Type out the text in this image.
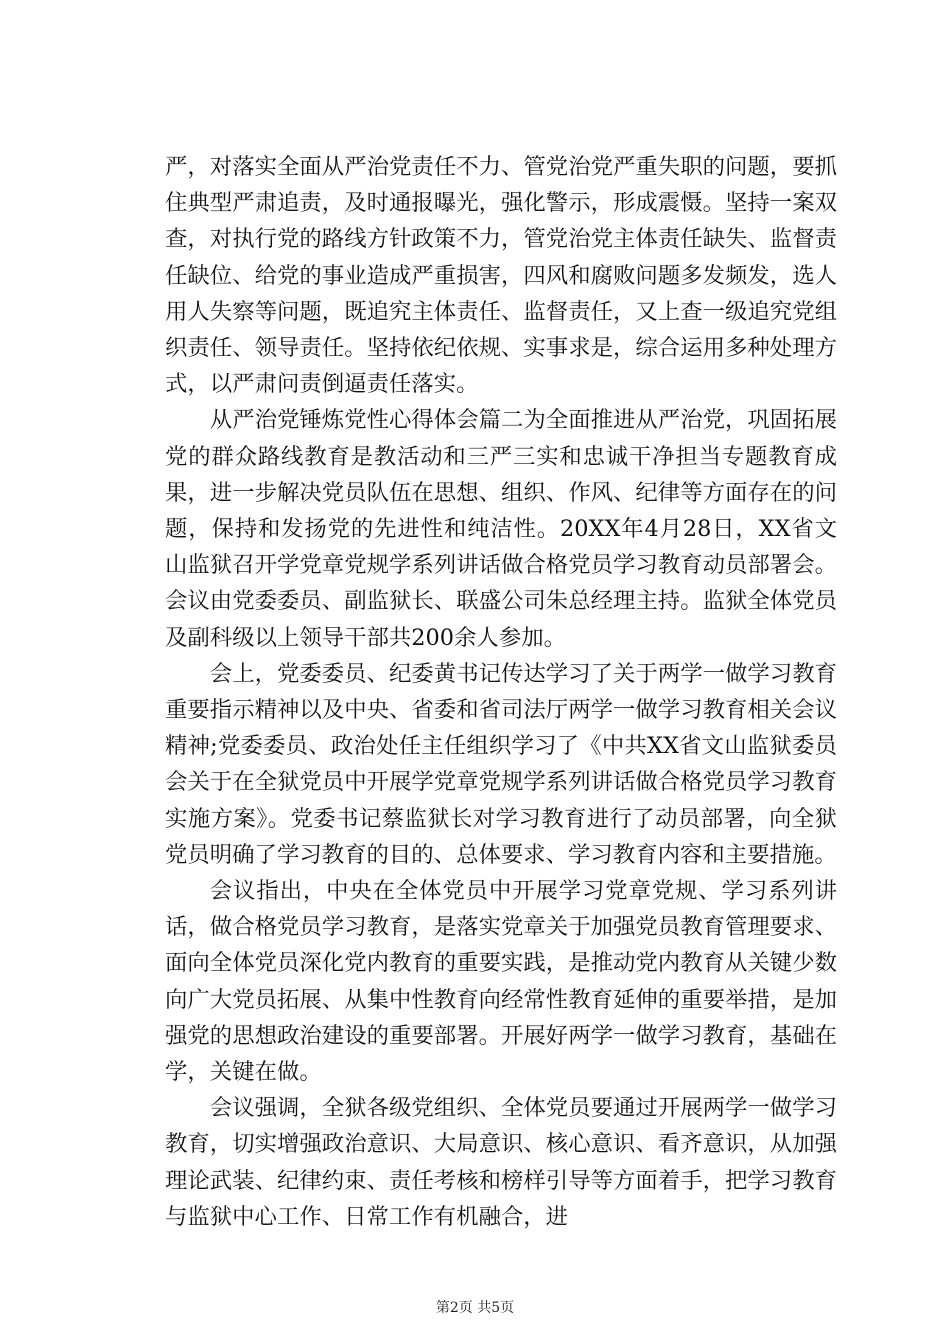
严，对落实全面从严治党责任不力、管党治党严重失职的问题，要抓住典型严肃追责，及时通报曝光，强化警示，形成震慑。坚持一案双查，对执行党的路线方针政策不力，管党治党主体责任缺失、监督责任缺位、给党的事业造成严重损害，四风和腐败问题多发频发，选人用人失察等问题，既追究主体责任、监督责任，又上查一级追究党组织责任、领导责任。坚持依纪依规、实事求是，综合运用多种处理方式，以严肃问责倒逼责任落实。

从严治党锤炼党性心得体会篇二为全面推进从严治党，巩固拓展党的群众路线教育是教活动和三严三实和忠诚干净担当专题教育成果，进一步解决党员队伍在思想、组织、作风、纪律等方面存在的问题，保持和发扬党的先进性和纯洁性。20XX年4月28日，XX省文山监狱召开学党章党规学系列讲话做合格党员学习教育动员部署会。会议由党委委员、副监狱长、联盛公司朱总经理主持。监狱全体党员及副科级以上领导干部共200余人参加。

会上，党委委员、纪委黄书记传达学习了关于两学一做学习教育重要指示精神以及中央、省委和省司法厅两学一做学习教育相关会议精神;党委委员、政治处任主任组织学习了《中共XX省文山监狱委员会关于在全狱党员中开展学党章党规学系列讲话做合格党员学习教育实施方案》。党委书记蔡监狱长对学习教育进行了动员部署，向全狱党员明确了学习教育的目的、总体要求、学习教育内容和主要措施。

会议指出，中央在全体党员中开展学习党章党规、学习系列讲话，做合格党员学习教育，是落实党章关于加强党员教育管理要求、面向全体党员深化党内教育的重要实践，是推动党内教育从关键少数向广大党员拓展、从集中性教育向经常性教育延伸的重要举措，是加强党的思想政治建设的重要部署。开展好两学一做学习教育，基础在学，关键在做。

会议强调，全狱各级党组织、全体党员要通过开展两学一做学习教育，切实增强政治意识、大局意识、核心意识、看齐意识，从加强理论武装、纪律约束、责任考核和榜样引导等方面着手，把学习教育与监狱中心工作、日常工作有机融合，进

第2页 共5页
